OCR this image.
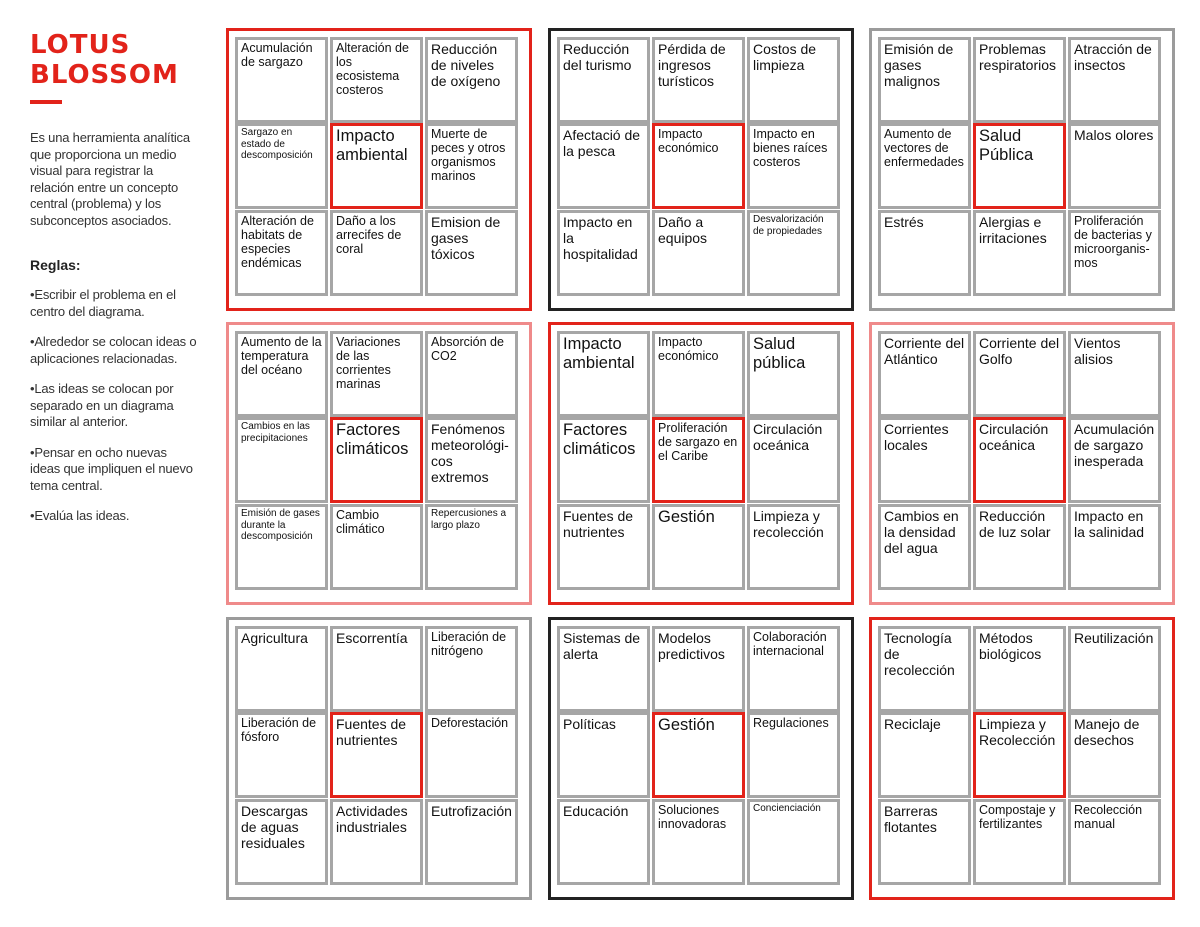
LOTUS
BLOSSOM
Es una herramienta analítica que proporciona un medio visual para registrar la relación entre un concepto central (problema) y los subconceptos asociados.
Reglas:
•Escribir el problema en el centro del diagrama.
•Alrededor se colocan ideas o aplicaciones relacionadas.
•Las ideas se colocan por separado en un diagrama similar al anterior.
•Pensar en ocho nuevas ideas que impliquen el nuevo tema central.
•Evalúa las ideas.
Acumulación de sargazo
Alteración de los ecosistema costeros
Reducción de niveles de oxígeno
Sargazo en estado de descomposición
Impacto ambiental
Muerte de peces y otros organismos marinos
Alteración de habitats de especies endémicas
Daño a los arrecifes de coral
Emision de gases tóxicos
Reducción del turismo
Pérdida de ingresos turísticos
Costos de limpieza
Afectació de la pesca
Impacto económico
Impacto en bienes raíces costeros
Impacto en la hospitalidad
Daño a equipos
Desvalorización de propiedades
Emisión de gases malignos
Problemas respiratorios
Atracción de insectos
Aumento de vectores de enfermedades
Salud Pública
Malos olores
Estrés	Alergias e irritaciones
Proliferación de bacterias y microorganis-mos
Aumento de la temperatura del océano
Variaciones de las corrientes marinas
Absorción de CO2
Cambios en las precipitaciones	Factores climáticos
Fenómenos meteorológi-cos extremos
Emisión de gases durante la descomposición
Cambio climático
Repercusiones a largo plazo
Impacto ambiental
Impacto económico
Salud pública
Factores climáticos
Proliferación de sargazo en el Caribe
Circulación oceánica
Fuentes de nutrientes
Gestión	Limpieza y recolección
Corriente del Atlántico
Corriente del Golfo
Vientos alisios
Corrientes locales
Circulación oceánica
Acumulación de sargazo inesperada
Cambios en la densidad del agua
Reducción de luz solar
Impacto en la salinidad
Agricultura	Escorrentía	Liberación de nitrógeno
Liberación de fósforo
Fuentes de nutrientes
Deforestación
Descargas de aguas residuales
Actividades industriales
Eutrofización
Sistemas de alerta
Modelos predictivos
Colaboración internacional
Políticas	Gestión	Regulaciones
Educación	Soluciones innovadoras
Concienciación
Tecnología de recolección
Métodos biológicos
Reutilización
Reciclaje	Limpieza y Recolección
Manejo de desechos
Barreras flotantes
Compostaje y fertilizantes
Recolección manual
